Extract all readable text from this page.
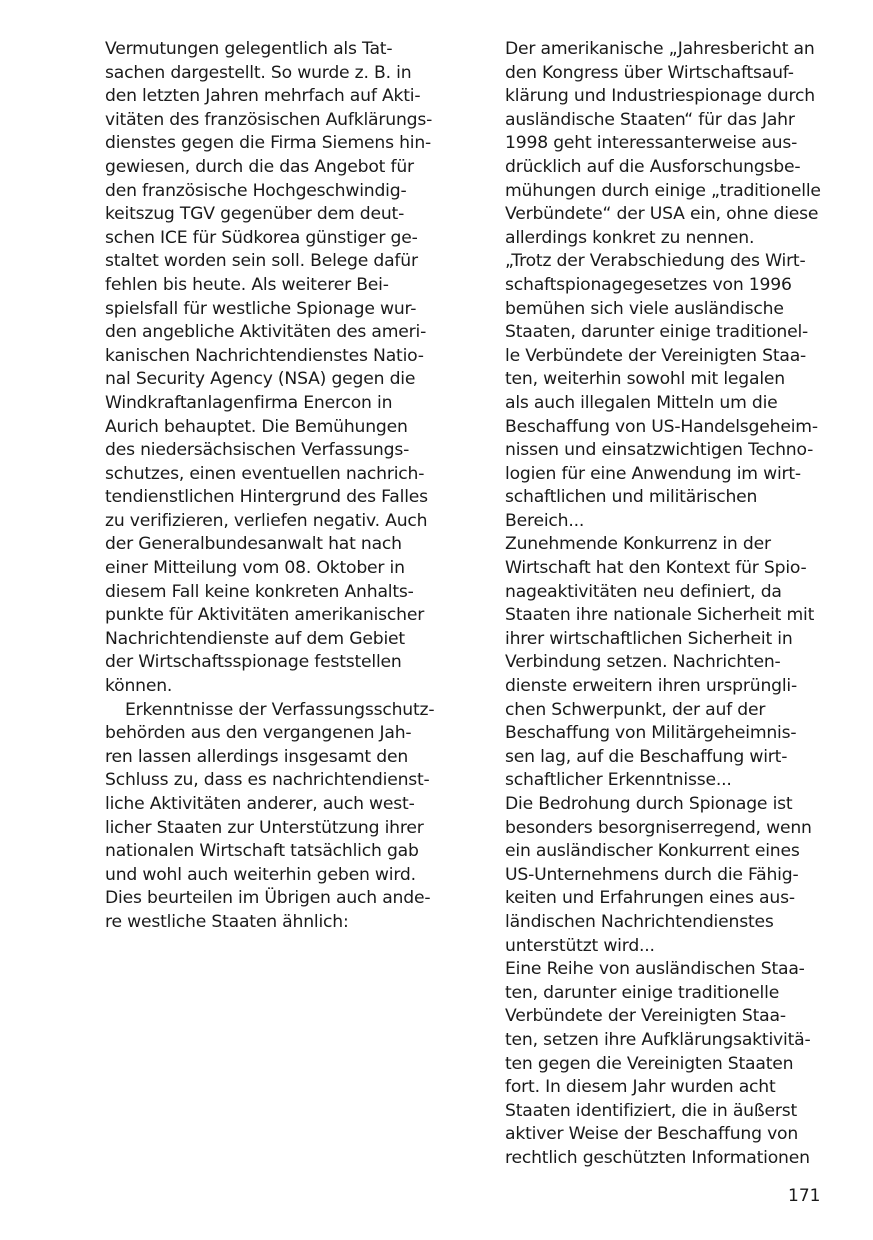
Vermutungen gelegentlich als Tat-
sachen dargestellt. So wurde z. B. in
den letzten Jahren mehrfach auf Akti-
vitäten des französischen Aufklärungs-
dienstes gegen die Firma Siemens hin-
gewiesen, durch die das Angebot für
den französische Hochgeschwindig-
keitszug TGV gegenüber dem deut-
schen ICE für Südkorea günstiger ge-
staltet worden sein soll. Belege dafür
fehlen bis heute. Als weiterer Bei-
spielsfall für westliche Spionage wur-
den angebliche Aktivitäten des ameri-
kanischen Nachrichtendienstes Natio-
nal Security Agency (NSA) gegen die
Windkraftanlagenfirma Enercon in
Aurich behauptet. Die Bemühungen
des niedersächsischen Verfassungs-
schutzes, einen eventuellen nachrich-
tendienstlichen Hintergrund des Falles
zu verifizieren, verliefen negativ. Auch
der Generalbundesanwalt hat nach
einer Mitteilung vom 08. Oktober in
diesem Fall keine konkreten Anhalts-
punkte für Aktivitäten amerikanischer
Nachrichtendienste auf dem Gebiet
der Wirtschaftsspionage feststellen
können.
Erkenntnisse der Verfassungsschutz-
behörden aus den vergangenen Jah-
ren lassen allerdings insgesamt den
Schluss zu, dass es nachrichtendienst-
liche Aktivitäten anderer, auch west-
licher Staaten zur Unterstützung ihrer
nationalen Wirtschaft tatsächlich gab
und wohl auch weiterhin geben wird.
Dies beurteilen im Übrigen auch ande-
re westliche Staaten ähnlich:
Der amerikanische „Jahresbericht an
den Kongress über Wirtschaftsauf-
klärung und Industriespionage durch
ausländische Staaten“ für das Jahr
1998 geht interessanterweise aus-
drücklich auf die Ausforschungsbe-
mühungen durch einige „traditionelle
Verbündete“ der USA ein, ohne diese
allerdings konkret zu nennen.
„Trotz der Verabschiedung des Wirt-
schaftspionagegesetzes von 1996
bemühen sich viele ausländische
Staaten, darunter einige traditionel-
le Verbündete der Vereinigten Staa-
ten, weiterhin sowohl mit legalen
als auch illegalen Mitteln um die
Beschaffung von US-Handelsgeheim-
nissen und einsatzwichtigen Techno-
logien für eine Anwendung im wirt-
schaftlichen und militärischen
Bereich...
Zunehmende Konkurrenz in der
Wirtschaft hat den Kontext für Spio-
nageaktivitäten neu definiert, da
Staaten ihre nationale Sicherheit mit
ihrer wirtschaftlichen Sicherheit in
Verbindung setzen. Nachrichten-
dienste erweitern ihren ursprüngli-
chen Schwerpunkt, der auf der
Beschaffung von Militärgeheimnis-
sen lag, auf die Beschaffung wirt-
schaftlicher Erkenntnisse...
Die Bedrohung durch Spionage ist
besonders besorgniserregend, wenn
ein ausländischer Konkurrent eines
US-Unternehmens durch die Fähig-
keiten und Erfahrungen eines aus-
ländischen Nachrichtendienstes
unterstützt wird...
Eine Reihe von ausländischen Staa-
ten, darunter einige traditionelle
Verbündete der Vereinigten Staa-
ten, setzen ihre Aufklärungsaktivitä-
ten gegen die Vereinigten Staaten
fort. In diesem Jahr wurden acht
Staaten identifiziert, die in äußerst
aktiver Weise der Beschaffung von
rechtlich geschützten Informationen
171
